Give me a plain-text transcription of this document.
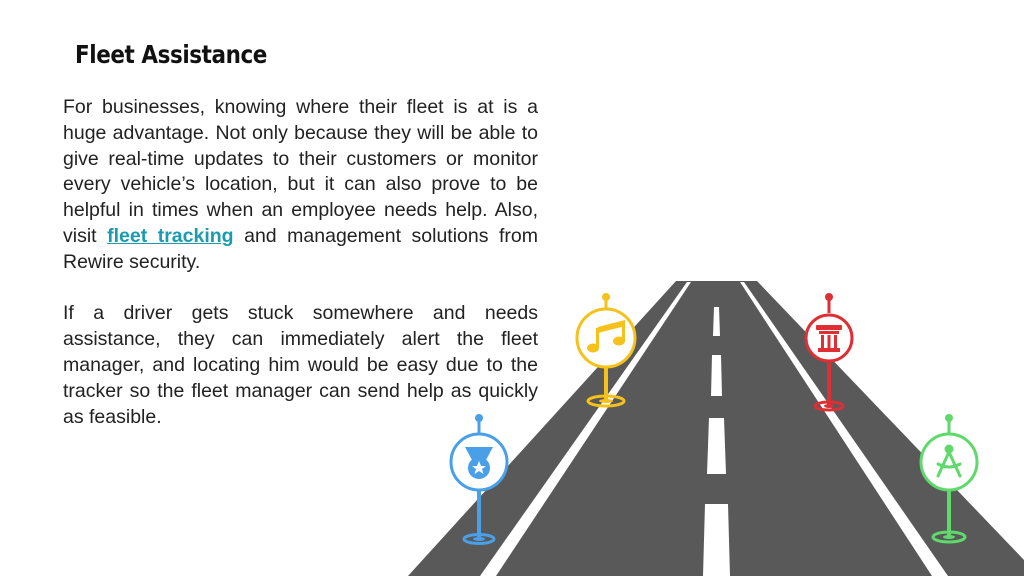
Fleet Assistance

For businesses, knowing where their fleet is at is a huge advantage. Not only because they will be able to give real-time updates to their customers or monitor every vehicle’s location, but it can also prove to be helpful in times when an employee needs help. Also, visit fleet tracking and management solutions from Rewire security.

If a driver gets stuck somewhere and needs assistance, they can immediately alert the fleet manager, and locating him would be easy due to the tracker so the fleet manager can send help as quickly as feasible.
